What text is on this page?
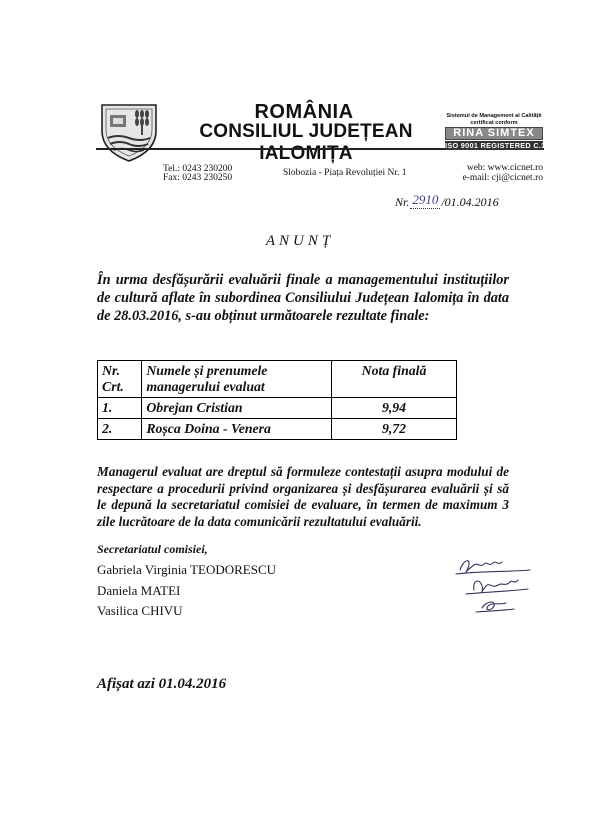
ROMÂNIA
CONSILIUL JUDEȚEAN IALOMIȚA
Sistemul de Management al Calității
certificat conform
RINA SIMTEX
ISO 9001 REGISTERED C.3449.1
Tel.: 0243 230200
Fax: 0243 230250	Slobozia - Piața Revoluției Nr. 1	web: www.cicnet.ro
e-mail: cji@cicnet.ro
Nr. 2910 /01.04.2016
ANUNȚ
În urma desfășurării evaluării finale a managementului instituțiilor de cultură aflate în subordinea Consiliului Județean Ialomița în data de 28.03.2016, s-au obținut următoarele rezultate finale:
Nr. Crt.	Numele și prenumele managerului evaluat	Nota finală
1.	Obrejan Cristian	9,94
2.	Roșca Doina - Venera	9,72
Managerul evaluat are dreptul să formuleze contestații asupra modului de respectare a procedurii privind organizarea și desfășurarea evaluării și să le depună la secretariatul comisiei de evaluare, în termen de maximum 3 zile lucrătoare de la data comunicării rezultatului evaluării.
Secretariatul comisiei,
Gabriela Virginia TEODORESCU
Daniela MATEI
Vasilica CHIVU
Afișat azi 01.04.2016
